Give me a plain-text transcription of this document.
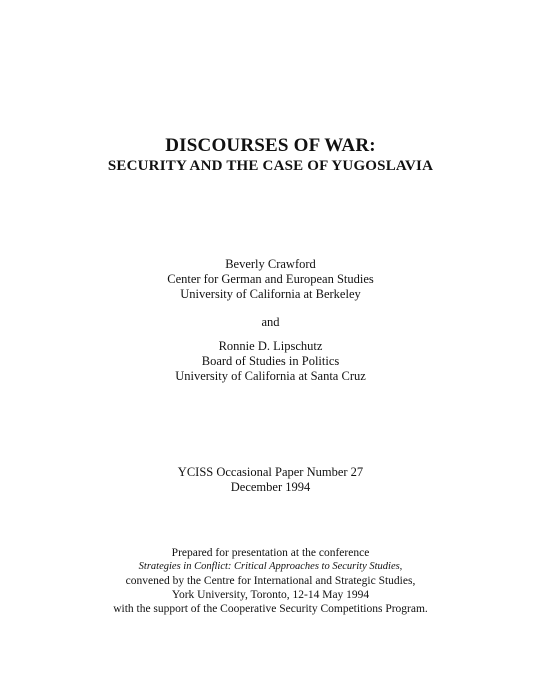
DISCOURSES OF WAR:
SECURITY AND THE CASE OF YUGOSLAVIA
Beverly Crawford
Center for German and European Studies
University of California at Berkeley
and
Ronnie D. Lipschutz
Board of Studies in Politics
University of California at Santa Cruz
YCISS Occasional Paper Number 27
December 1994
Prepared for presentation at the conference
Strategies in Conflict: Critical Approaches to Security Studies,
convened by the Centre for International and Strategic Studies,
York University, Toronto, 12-14 May 1994
with the support of the Cooperative Security Competitions Program.
